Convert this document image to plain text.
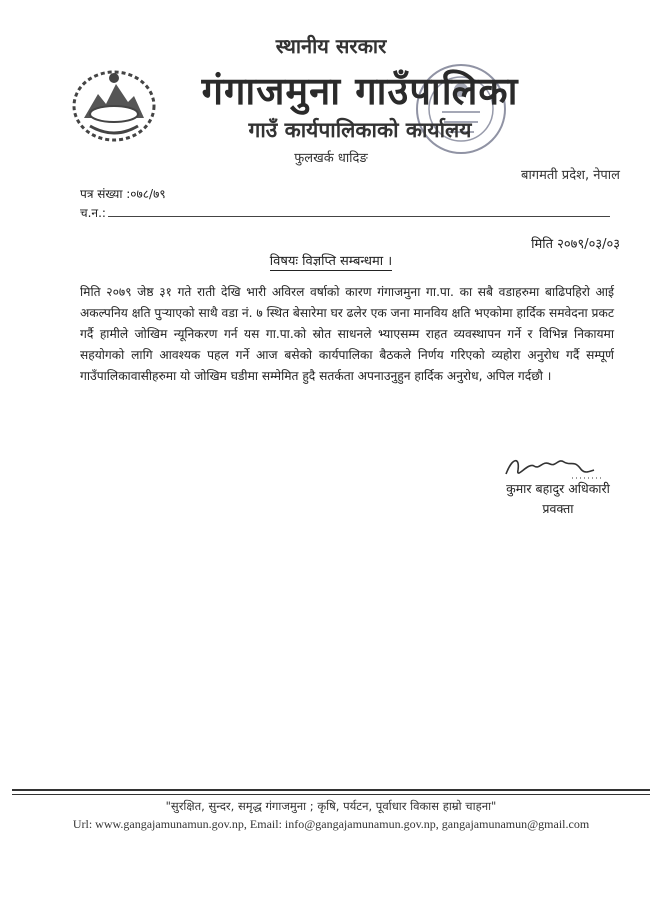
स्थानीय सरकार
गंगाजमुना गाउँपालिका
गाउँ कार्यपालिकाको कार्यालय
फुलखर्क धादिङ
बागमती प्रदेश, नेपाल
पत्र संख्या :०७८/७९
च.न.:
मिति २०७९/०३/०३
विषयः विज्ञप्ति सम्बन्धमा ।

मिति २०७९ जेष्ठ ३१ गते राती देखि भारी अविरल वर्षाको कारण गंगाजमुना गा.पा. का सबै वडाहरुमा बाढिपहिरो आई अकल्पनिय क्षति पुऱ्याएको साथै वडा नं. ७ स्थित बेसारेमा घर ढलेर एक जना मानविय क्षति भएकोमा हार्दिक समवेदना प्रकट गर्दै हामीले जोखिम न्यूनिकरण गर्न यस गा.पा.को स्रोत साधनले भ्याएसम्म राहत व्यवस्थापन गर्ने र विभिन्न निकायमा सहयोगको लागि आवश्यक पहल गर्ने आज बसेको कार्यपालिका बैठकले निर्णय गरिएको व्यहोरा अनुरोध गर्दै सम्पूर्ण गाउँपालिकावासीहरुमा यो जोखिम घडीमा सम्मेमित हुदै सतर्कता अपनाउनुहुन हार्दिक अनुरोध, अपिल गर्दछौ ।

कुमार बहादुर अधिकारी
प्रवक्ता
"सुरक्षित, सुन्दर, समृद्ध गंगाजमुना ; कृषि, पर्यटन, पूर्वाधार विकास हाम्रो चाहना"
Url: www.gangajamunamun.gov.np, Email: info@gangajamunamun.gov.np, gangajamunamun@gmail.com
